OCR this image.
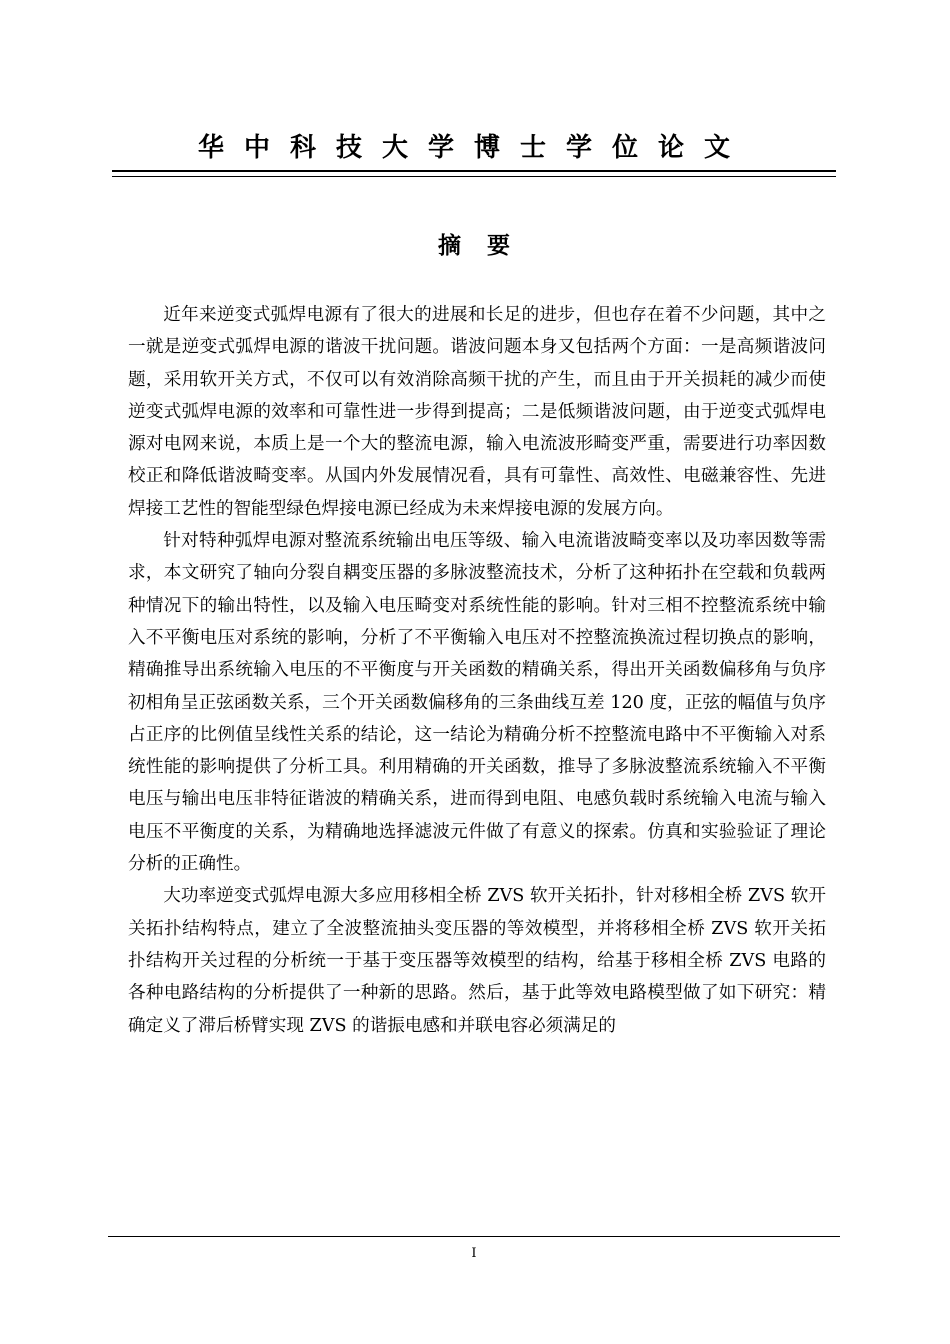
华中科技大学博士学位论文
摘要

近年来逆变式弧焊电源有了很大的进展和长足的进步，但也存在着不少问题，其中之一就是逆变式弧焊电源的谐波干扰问题。谐波问题本身又包括两个方面：一是高频谐波问题，采用软开关方式，不仅可以有效消除高频干扰的产生，而且由于开关损耗的减少而使逆变式弧焊电源的效率和可靠性进一步得到提高；二是低频谐波问题，由于逆变式弧焊电源对电网来说，本质上是一个大的整流电源，输入电流波形畸变严重，需要进行功率因数校正和降低谐波畸变率。从国内外发展情况看，具有可靠性、高效性、电磁兼容性、先进焊接工艺性的智能型绿色焊接电源已经成为未来焊接电源的发展方向。

针对特种弧焊电源对整流系统输出电压等级、输入电流谐波畸变率以及功率因数等需求，本文研究了轴向分裂自耦变压器的多脉波整流技术，分析了这种拓扑在空载和负载两种情况下的输出特性，以及输入电压畸变对系统性能的影响。针对三相不控整流系统中输入不平衡电压对系统的影响，分析了不平衡输入电压对不控整流换流过程切换点的影响，精确推导出系统输入电压的不平衡度与开关函数的精确关系，得出开关函数偏移角与负序初相角呈正弦函数关系，三个开关函数偏移角的三条曲线互差 120 度，正弦的幅值与负序占正序的比例值呈线性关系的结论，这一结论为精确分析不控整流电路中不平衡输入对系统性能的影响提供了分析工具。利用精确的开关函数，推导了多脉波整流系统输入不平衡电压与输出电压非特征谐波的精确关系，进而得到电阻、电感负载时系统输入电流与输入电压不平衡度的关系，为精确地选择滤波元件做了有意义的探索。仿真和实验验证了理论分析的正确性。

大功率逆变式弧焊电源大多应用移相全桥 ZVS 软开关拓扑，针对移相全桥 ZVS 软开关拓扑结构特点，建立了全波整流抽头变压器的等效模型，并将移相全桥 ZVS 软开关拓扑结构开关过程的分析统一于基于变压器等效模型的结构，给基于移相全桥 ZVS 电路的各种电路结构的分析提供了一种新的思路。然后，基于此等效电路模型做了如下研究：精确定义了滞后桥臂实现 ZVS 的谐振电感和并联电容必须满足的

I
